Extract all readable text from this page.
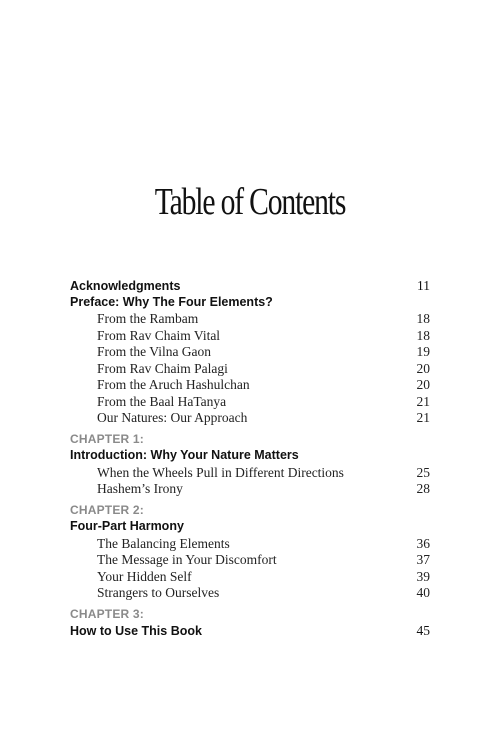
Table of Contents
Acknowledgments	11
Preface: Why The Four Elements?
From the Rambam	18
From Rav Chaim Vital	18
From the Vilna Gaon	19
From Rav Chaim Palagi	20
From the Aruch Hashulchan	20
From the Baal HaTanya	21
Our Natures: Our Approach	21
CHAPTER 1:
Introduction: Why Your Nature Matters
When the Wheels Pull in Different Directions	25
Hashem’s Irony	28
CHAPTER 2:
Four-Part Harmony
The Balancing Elements	36
The Message in Your Discomfort	37
Your Hidden Self	39
Strangers to Ourselves	40
CHAPTER 3:
How to Use This Book	45
